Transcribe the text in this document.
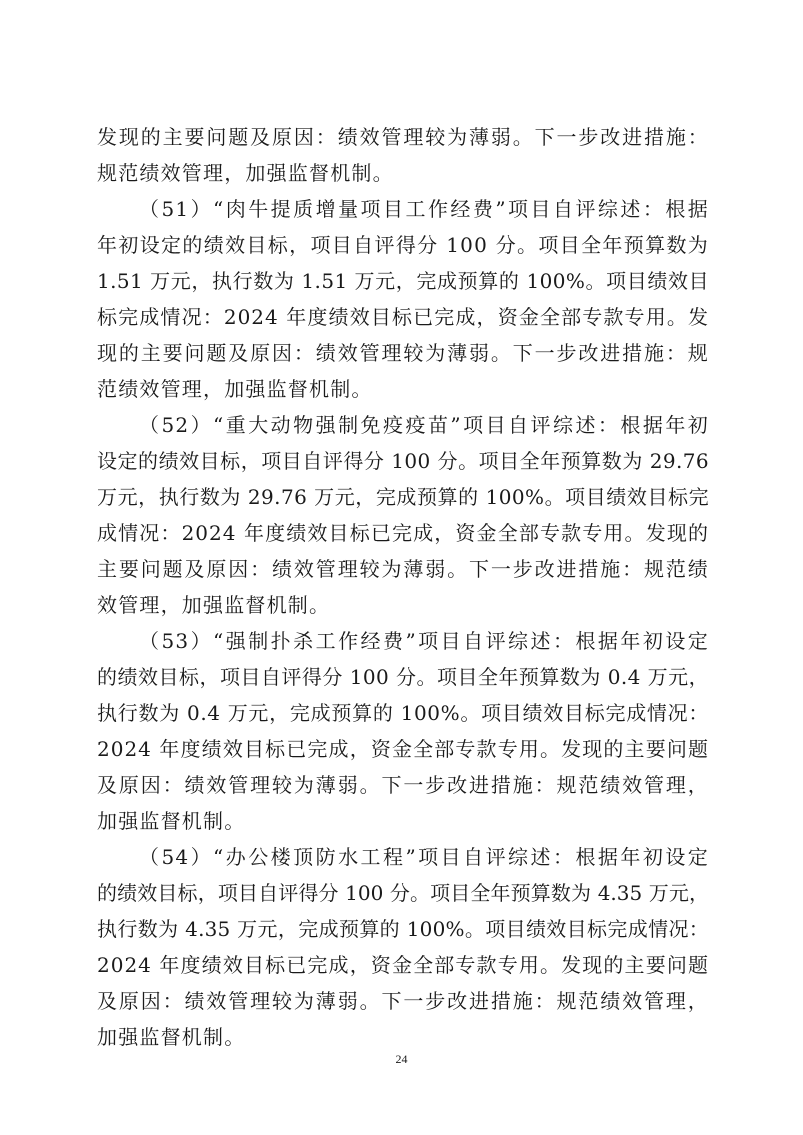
发现的主要问题及原因：绩效管理较为薄弱。下一步改进措施：
规范绩效管理，加强监督机制。
（51）“肉牛提质增量项目工作经费”项目自评综述：根据
年初设定的绩效目标，项目自评得分 100 分。项目全年预算数为
1.51 万元，执行数为 1.51 万元，完成预算的 100%。项目绩效目
标完成情况：2024 年度绩效目标已完成，资金全部专款专用。发
现的主要问题及原因：绩效管理较为薄弱。下一步改进措施：规
范绩效管理，加强监督机制。
（52）“重大动物强制免疫疫苗”项目自评综述：根据年初
设定的绩效目标，项目自评得分 100 分。项目全年预算数为 29.76
万元，执行数为 29.76 万元，完成预算的 100%。项目绩效目标完
成情况：2024 年度绩效目标已完成，资金全部专款专用。发现的
主要问题及原因：绩效管理较为薄弱。下一步改进措施：规范绩
效管理，加强监督机制。
（53）“强制扑杀工作经费”项目自评综述：根据年初设定
的绩效目标，项目自评得分 100 分。项目全年预算数为 0.4 万元，
执行数为 0.4 万元，完成预算的 100%。项目绩效目标完成情况：
2024 年度绩效目标已完成，资金全部专款专用。发现的主要问题
及原因：绩效管理较为薄弱。下一步改进措施：规范绩效管理，
加强监督机制。
（54）“办公楼顶防水工程”项目自评综述：根据年初设定
的绩效目标，项目自评得分 100 分。项目全年预算数为 4.35 万元，
执行数为 4.35 万元，完成预算的 100%。项目绩效目标完成情况：
2024 年度绩效目标已完成，资金全部专款专用。发现的主要问题
及原因：绩效管理较为薄弱。下一步改进措施：规范绩效管理，
加强监督机制。
24
